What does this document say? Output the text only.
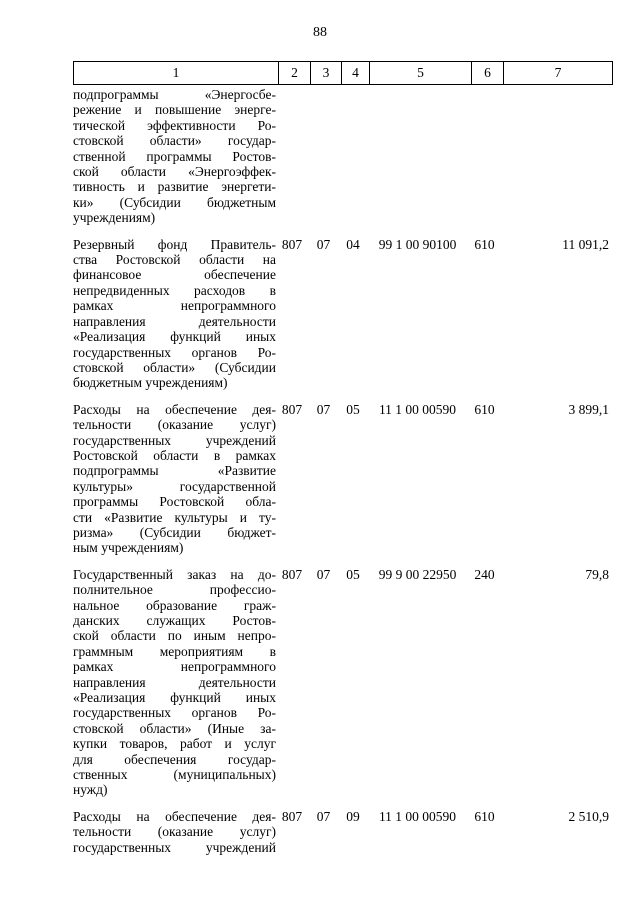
88
1	2	3	4	5	6	7
подпрограммы «Энергосбе-
режение и повышение энерге-
тической эффективности Ро-
стовской области» государ-
ственной программы Ростов-
ской области «Энергоэффек-
тивность и развитие энергети-
ки» (Субсидии бюджетным
учреждениям)
Резервный фонд Правитель-
ства Ростовской области на
финансовое обеспечение
непредвиденных расходов в
рамках непрограммного
направления деятельности
«Реализация функций иных
государственных органов Ро-
стовской области» (Субсидии
бюджетным учреждениям)
807	07	04	99 1 00 90100	610	11 091,2
Расходы на обеспечение дея-
тельности (оказание услуг)
государственных учреждений
Ростовской области в рамках
подпрограммы «Развитие
культуры» государственной
программы Ростовской обла-
сти «Развитие культуры и ту-
ризма» (Субсидии бюджет-
ным учреждениям)
807	07	05	11 1 00 00590	610	3 899,1
Государственный заказ на до-
полнительное профессио-
нальное образование граж-
данских служащих Ростов-
ской области по иным непро-
граммным мероприятиям в
рамках непрограммного
направления деятельности
«Реализация функций иных
государственных органов Ро-
стовской области» (Иные за-
купки товаров, работ и услуг
для обеспечения государ-
ственных (муниципальных)
нужд)
807	07	05	99 9 00 22950	240	79,8
Расходы на обеспечение дея-
тельности (оказание услуг)
государственных учреждений
807	07	09	11 1 00 00590	610	2 510,9
